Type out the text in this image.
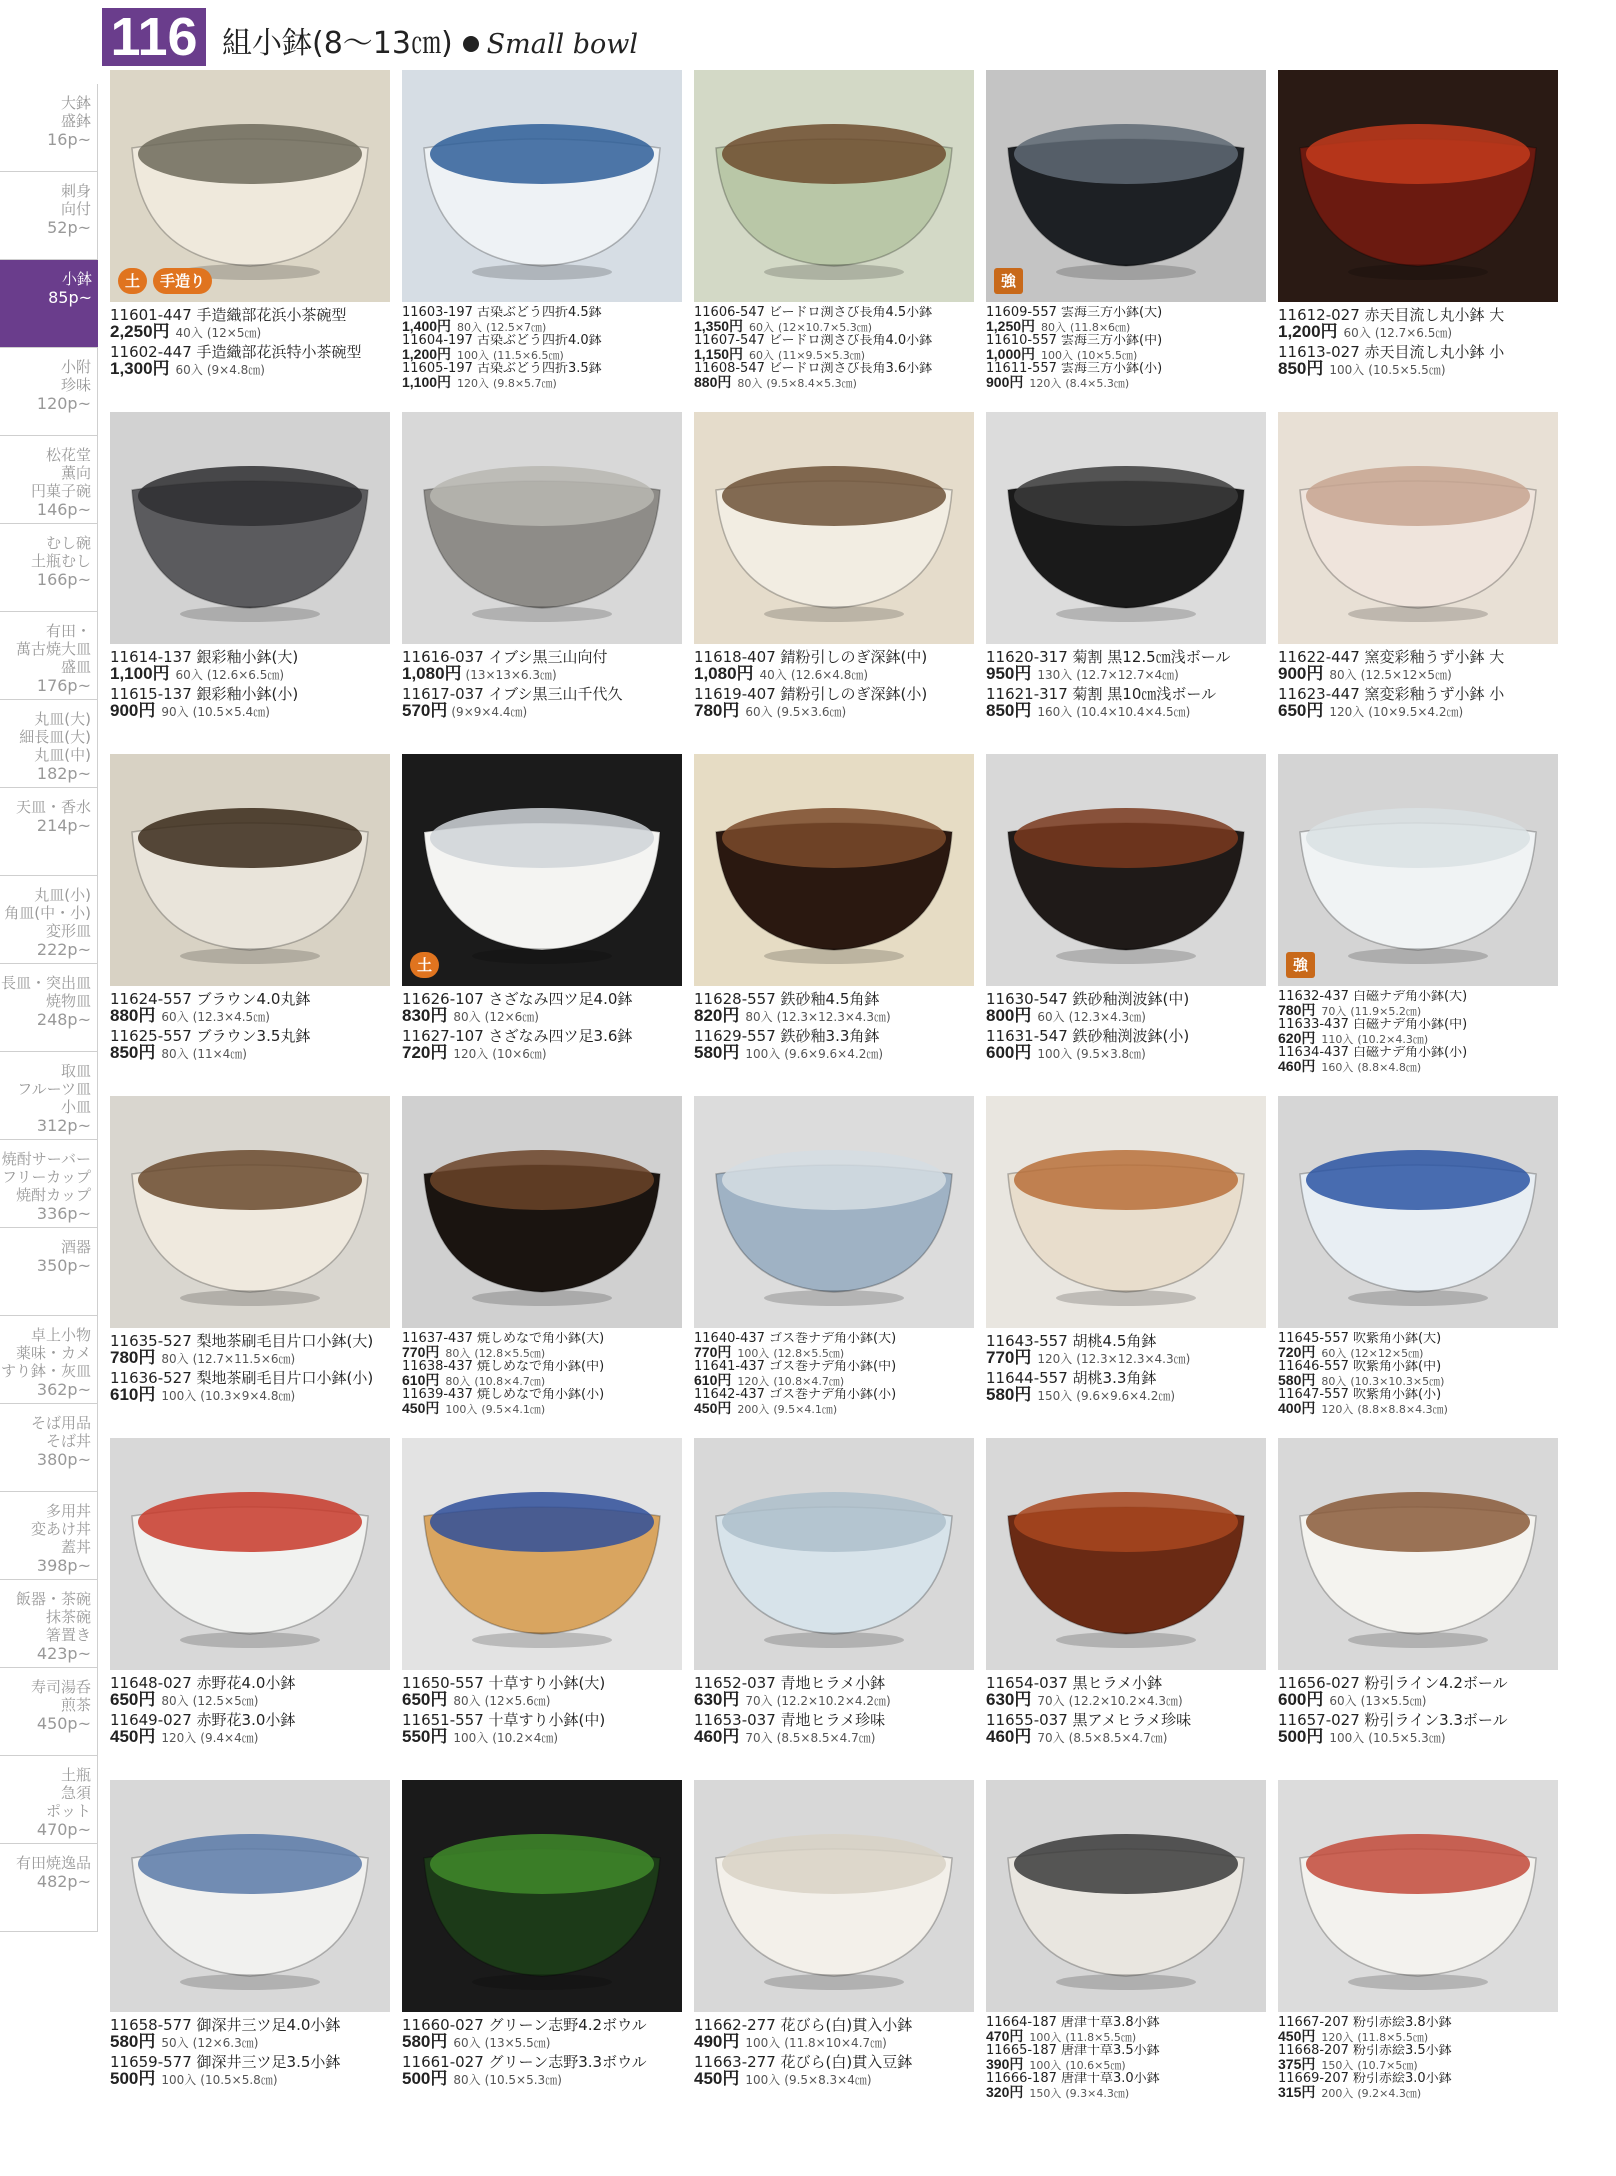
116 組小鉢(8〜13㎝) Small bowl
大鉢
盛鉢
16p~
刺身
向付
52p~
小鉢
85p~
小附
珍味
120p~
松花堂
薫向
円菓子碗
146p~
むし碗
土瓶むし
166p~
有田・
萬古焼大皿
盛皿
176p~
丸皿(大)
細長皿(大)
丸皿(中)
182p~
天皿・香水
214p~
丸皿(小)
角皿(中・小)
変形皿
222p~
長皿・突出皿
焼物皿
248p~
取皿
フルーツ皿
小皿
312p~
焼酎サーバー
フリーカップ
焼酎カップ
336p~
酒器
350p~
卓上小物
薬味・カメ
すり鉢・灰皿
362p~
そば用品
そば丼
380p~
多用丼
変あけ丼
蓋丼
398p~
飯器・茶碗
抹茶碗
箸置き
423p~
寿司湯呑
煎茶
450p~
土瓶
急須
ポット
470p~
有田焼逸品
482p~
土	手造り
11601-447 手造織部花浜小茶碗型
2,250円 40入 (12×5㎝)
11602-447 手造織部花浜特小茶碗型
1,300円 60入 (9×4.8㎝)
11603-197 古染ぶどう四折4.5鉢
1,400円 80入 (12.5×7㎝)
11604-197 古染ぶどう四折4.0鉢
1,200円 100入 (11.5×6.5㎝)
11605-197 古染ぶどう四折3.5鉢
1,100円 120入 (9.8×5.7㎝)
11606-547 ビードロ渕さび長角4.5小鉢
1,350円 60入 (12×10.7×5.3㎝)
11607-547 ビードロ渕さび長角4.0小鉢
1,150円 60入 (11×9.5×5.3㎝)
11608-547 ビードロ渕さび長角3.6小鉢
880円 80入 (9.5×8.4×5.3㎝)
強
11609-557 雲海三方小鉢(大)
1,250円 80入 (11.8×6㎝)
11610-557 雲海三方小鉢(中)
1,000円 100入 (10×5.5㎝)
11611-557 雲海三方小鉢(小)
900円 120入 (8.4×5.3㎝)
11612-027 赤天目流し丸小鉢 大
1,200円 60入 (12.7×6.5㎝)
11613-027 赤天目流し丸小鉢 小
850円 100入 (10.5×5.5㎝)
11614-137 銀彩釉小鉢(大)
1,100円 60入 (12.6×6.5㎝)
11615-137 銀彩釉小鉢(小)
900円 90入 (10.5×5.4㎝)
11616-037 イブシ黒三山向付
1,080円 (13×13×6.3㎝)
11617-037 イブシ黒三山千代久
570円 (9×9×4.4㎝)
11618-407 錆粉引しのぎ深鉢(中)
1,080円 40入 (12.6×4.8㎝)
11619-407 錆粉引しのぎ深鉢(小)
780円 60入 (9.5×3.6㎝)
11620-317 菊割 黒12.5㎝浅ボール
950円 130入 (12.7×12.7×4㎝)
11621-317 菊割 黒10㎝浅ボール
850円 160入 (10.4×10.4×4.5㎝)
11622-447 窯変彩釉うず小鉢 大
900円 80入 (12.5×12×5㎝)
11623-447 窯変彩釉うず小鉢 小
650円 120入 (10×9.5×4.2㎝)
11624-557 ブラウン4.0丸鉢
880円 60入 (12.3×4.5㎝)
11625-557 ブラウン3.5丸鉢
850円 80入 (11×4㎝)
土
11626-107 さざなみ四ツ足4.0鉢
830円 80入 (12×6㎝)
11627-107 さざなみ四ツ足3.6鉢
720円 120入 (10×6㎝)
11628-557 鉄砂釉4.5角鉢
820円 80入 (12.3×12.3×4.3㎝)
11629-557 鉄砂釉3.3角鉢
580円 100入 (9.6×9.6×4.2㎝)
11630-547 鉄砂釉渕波鉢(中)
800円 60入 (12.3×4.3㎝)
11631-547 鉄砂釉渕波鉢(小)
600円 100入 (9.5×3.8㎝)
強
11632-437 白磁ナデ角小鉢(大)
780円 70入 (11.9×5.2㎝)
11633-437 白磁ナデ角小鉢(中)
620円 110入 (10.2×4.3㎝)
11634-437 白磁ナデ角小鉢(小)
460円 160入 (8.8×4.8㎝)
11635-527 梨地茶刷毛目片口小鉢(大)
780円 80入 (12.7×11.5×6㎝)
11636-527 梨地茶刷毛目片口小鉢(小)
610円 100入 (10.3×9×4.8㎝)
11637-437 焼しめなで角小鉢(大)
770円 80入 (12.8×5.5㎝)
11638-437 焼しめなで角小鉢(中)
610円 80入 (10.8×4.7㎝)
11639-437 焼しめなで角小鉢(小)
450円 100入 (9.5×4.1㎝)
11640-437 ゴス巻ナデ角小鉢(大)
770円 100入 (12.8×5.5㎝)
11641-437 ゴス巻ナデ角小鉢(中)
610円 120入 (10.8×4.7㎝)
11642-437 ゴス巻ナデ角小鉢(小)
450円 200入 (9.5×4.1㎝)
11643-557 胡桃4.5角鉢
770円 120入 (12.3×12.3×4.3㎝)
11644-557 胡桃3.3角鉢
580円 150入 (9.6×9.6×4.2㎝)
11645-557 吹紫角小鉢(大)
720円 60入 (12×12×5㎝)
11646-557 吹紫角小鉢(中)
580円 80入 (10.3×10.3×5㎝)
11647-557 吹紫角小鉢(小)
400円 120入 (8.8×8.8×4.3㎝)
11648-027 赤野花4.0小鉢
650円 80入 (12.5×5㎝)
11649-027 赤野花3.0小鉢
450円 120入 (9.4×4㎝)
11650-557 十草すり小鉢(大)
650円 80入 (12×5.6㎝)
11651-557 十草すり小鉢(中)
550円 100入 (10.2×4㎝)
11652-037 青地ヒラメ小鉢
630円 70入 (12.2×10.2×4.2㎝)
11653-037 青地ヒラメ珍味
460円 70入 (8.5×8.5×4.7㎝)
11654-037 黒ヒラメ小鉢
630円 70入 (12.2×10.2×4.3㎝)
11655-037 黒アメヒラメ珍味
460円 70入 (8.5×8.5×4.7㎝)
11656-027 粉引ライン4.2ボール
600円 60入 (13×5.5㎝)
11657-027 粉引ライン3.3ボール
500円 100入 (10.5×5.3㎝)
11658-577 御深井三ツ足4.0小鉢
580円 50入 (12×6.3㎝)
11659-577 御深井三ツ足3.5小鉢
500円 100入 (10.5×5.8㎝)
11660-027 グリーン志野4.2ボウル
580円 60入 (13×5.5㎝)
11661-027 グリーン志野3.3ボウル
500円 80入 (10.5×5.3㎝)
11662-277 花びら(白)貫入小鉢
490円 100入 (11.8×10×4.7㎝)
11663-277 花びら(白)貫入豆鉢
450円 100入 (9.5×8.3×4㎝)
11664-187 唐津十草3.8小鉢
470円 100入 (11.8×5.5㎝)
11665-187 唐津十草3.5小鉢
390円 100入 (10.6×5㎝)
11666-187 唐津十草3.0小鉢
320円 150入 (9.3×4.3㎝)
11667-207 粉引赤絵3.8小鉢
450円 120入 (11.8×5.5㎝)
11668-207 粉引赤絵3.5小鉢
375円 150入 (10.7×5㎝)
11669-207 粉引赤絵3.0小鉢
315円 200入 (9.2×4.3㎝)
